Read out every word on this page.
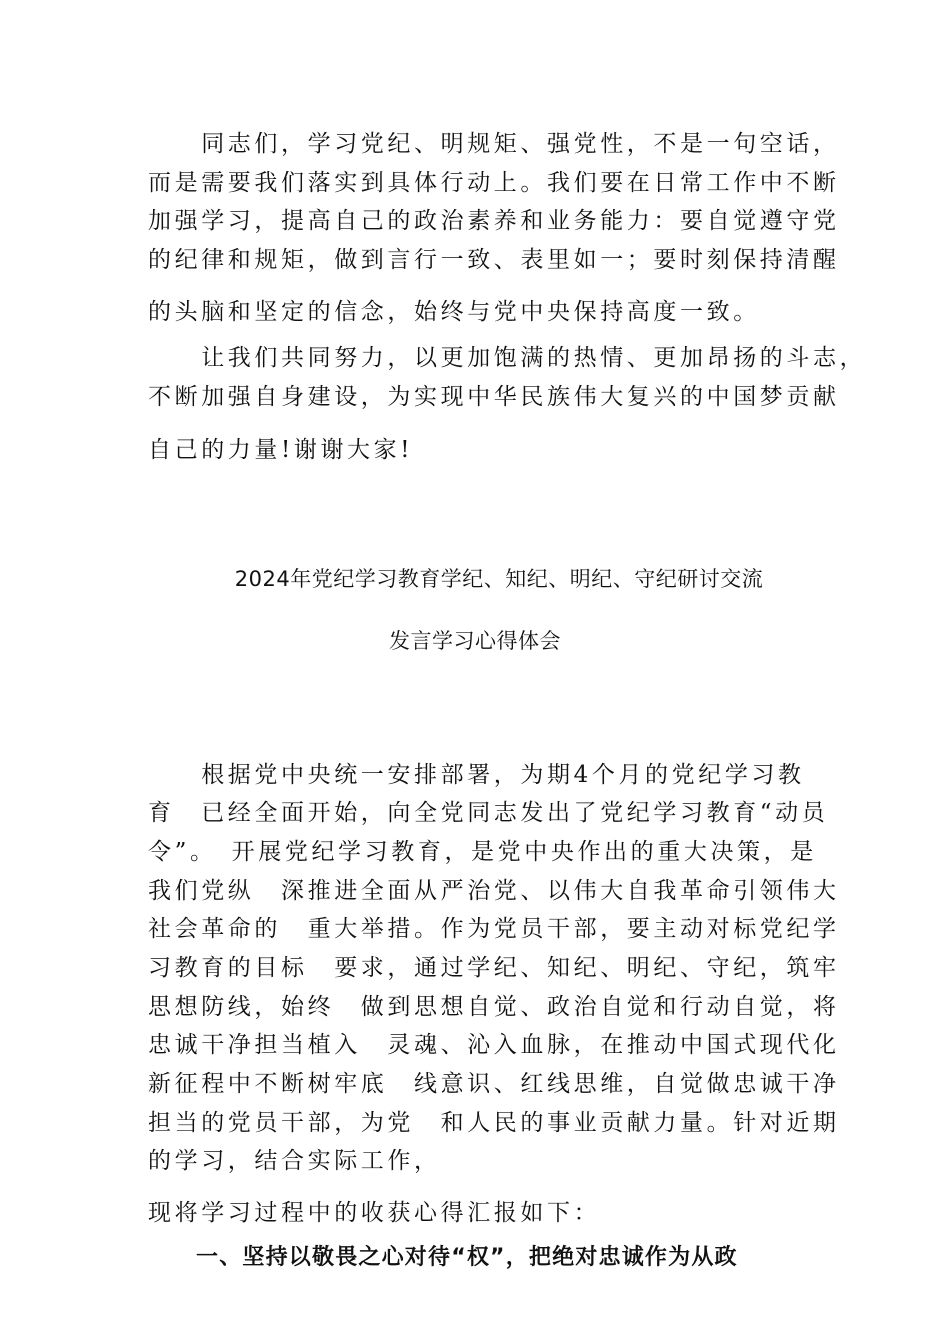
　　同志们，学习党纪、明规矩、强党性，不是一句空话，

而是需要我们落实到具体行动上。我们要在日常工作中不断

加强学习，提高自己的政治素养和业务能力：要自觉遵守党

的纪律和规矩，做到言行一致、表里如一；要时刻保持清醒

的头脑和坚定的信念，始终与党中央保持高度一致。

　　让我们共同努力，以更加饱满的热情、更加昂扬的斗志，

不断加强自身建设，为实现中华民族伟大复兴的中国梦贡献

自己的力量!谢谢大家!

2024年党纪学习教育学纪、知纪、明纪、守纪研讨交流

发言学习心得体会

　　根据党中央统一安排部署，为期4个月的党纪学习教

育　已经全面开始，向全党同志发出了党纪学习教育“动员

令”。　开展党纪学习教育，是党中央作出的重大决策，是

我们党纵　深推进全面从严治党、以伟大自我革命引领伟大

社会革命的　重大举措。作为党员干部，要主动对标党纪学

习教育的目标　要求，通过学纪、知纪、明纪、守纪，筑牢

思想防线，始终　做到思想自觉、政治自觉和行动自觉，将

忠诚干净担当植入　灵魂、沁入血脉，在推动中国式现代化

新征程中不断树牢底　线意识、红线思维，自觉做忠诚干净

担当的党员干部，为党　和人民的事业贡献力量。针对近期

的学习，结合实际工作，

现将学习过程中的收获心得汇报如下：

一、坚持以敬畏之心对待“权”，把绝对忠诚作为从政
